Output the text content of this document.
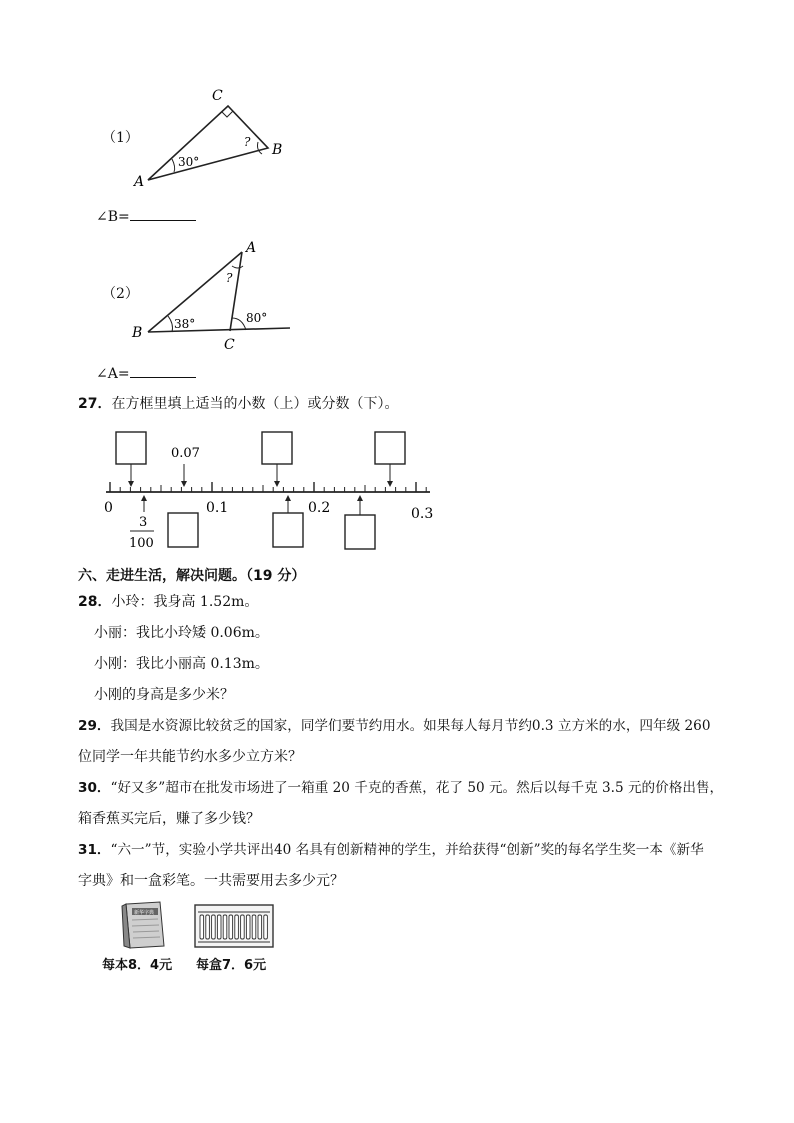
（1）
A
B
C
30°
?
∠B=
（2）
B
A
C
38°	80°
?
∠A=
27．在方框里填上适当的小数（上）或分数（下）。
0.07
3
100
0	0.1	0.2	0.3
六、走进生活，解决问题。（19 分）
28．小玲：我身高 1.52m。
小丽：我比小玲矮 0.06m。
小刚：我比小丽高 0.13m。
小刚的身高是多少米？
29．我国是水资源比较贫乏的国家，同学们要节约用水。如果每人每月节约0.3 立方米的水，四年级 260
位同学一年共能节约水多少立方米？
30．“好又多”超市在批发市场进了一箱重 20 千克的香蕉，花了 50 元。然后以每千克 3.5 元的价格出售，
箱香蕉买完后，赚了多少钱？
31．“六一”节，实验小学共评出40 名具有创新精神的学生，并给获得“创新”奖的每名学生奖一本《新华
字典》和一盒彩笔。一共需要用去多少元？
新华字典
每本8．4元 每盒7．6元
